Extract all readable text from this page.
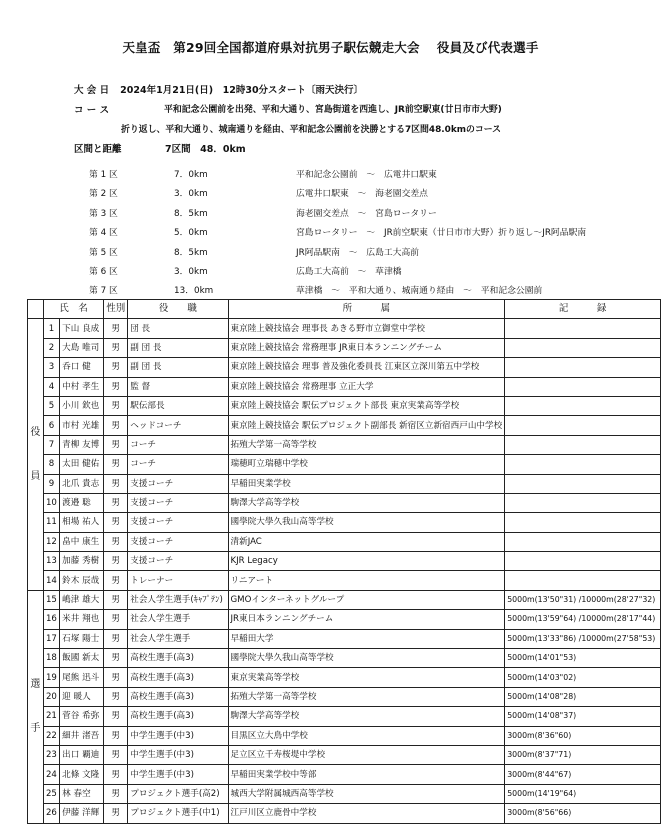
天皇盃　第29回全国都道府県対抗男子駅伝競走大会　 役員及び代表選手
大 会 日 2024年1月21日(日)　12時30分スタート〔雨天決行〕
コ ー ス	平和記念公園前を出発、平和大通り、宮島街道を西進し、JR前空駅東(廿日市市大野)
折り返し、平和大通り、城南通りを経由、平和記念公園前を決勝とする7区間48.0kmのコース
区間と距離	7区間　48．0km
第 1 区	7．0km	平和記念公園前　～　広電井口駅東
第 2 区	3．0km	広電井口駅東　～　海老園交差点
第 3 区	8．5km	海老園交差点　～　宮島ロータリー
第 4 区	5．0km	宮島ロータリー　～　JR前空駅東（廿日市市大野）折り返し～JR阿品駅南
第 5 区	8．5km	JR阿品駅南　～　広島工大高前
第 6 区	3．0km	広島工大高前　～　草津橋
第 7 区	13．0km	草津橋　～　平和大通り、城南通り経由　～　平和記念公園前
	氏　名		性別	役　　職	所　　　属	記　　　録

役
員	1	下山 良成	男	団 長	東京陸上競技協会 理事長 あきる野市立御堂中学校	
	2	大島 唯司	男	副 団 長	東京陸上競技協会 常務理事 JR東日本ランニングチーム	
	3	呑口 健	男	副 団 長	東京陸上競技協会 理事 普及強化委員長 江東区立深川第五中学校	
	4	中村 孝生	男	監 督	東京陸上競技協会 常務理事 立正大学	
	5	小川 欽也	男	駅伝部長	東京陸上競技協会 駅伝プロジェクト部長 東京実業高等学校	
	6	市村 光雄	男	ヘッドコーチ	東京陸上競技協会 駅伝プロジェクト副部長 新宿区立新宿西戸山中学校	
	7	青柳 友博	男	コーチ	拓殖大学第一高等学校	
	8	太田 健佑	男	コーチ	瑞穂町立瑞穂中学校	
	9	北爪 貴志	男	支援コーチ	早稲田実業学校	
	10	渡邉 聡	男	支援コーチ	駒澤大学高等学校	
	11	相場 祐人	男	支援コーチ	國學院大學久我山高等学校	
	12	畠中 康生	男	支援コーチ	清新JAC	
	13	加藤 秀樹	男	支援コーチ	KJR Legacy	
	14	鈴木 辰哉	男	トレーナー	リニアート	

選
手	15	嶋津 雄大	男	社会人学生選手(ｷｬﾌﾟﾃﾝ)	GMOインターネットグループ	5000m(13'50"31) /10000m(28'27"32)
	16	米井 翔也	男	社会人学生選手	JR東日本ランニングチーム	5000m(13'59"64) /10000m(28'17"44)
	17	石塚 陽士	男	社会人学生選手	早稲田大学	5000m(13'33"86) /10000m(27'58"53)
	18	飯國 新太	男	高校生選手(高3)	國學院大學久我山高等学校	5000m(14'01"53)
	19	尾熊 迅斗	男	高校生選手(高3)	東京実業高等学校	5000m(14'03"02)
	20	迎 暖人	男	高校生選手(高3)	拓殖大学第一高等学校	5000m(14'08"28)
	21	菅谷 希弥	男	高校生選手(高3)	駒澤大学高等学校	5000m(14'08"37)
	22	細井 渚吾	男	中学生選手(中3)	目黒区立大鳥中学校	3000m(8'36"60)
	23	出口 覇迪	男	中学生選手(中3)	足立区立千寿桜堤中学校	3000m(8'37"71)
	24	北條 文隆	男	中学生選手(中3)	早稲田実業学校中等部	3000m(8'44"67)
	25	林 春空	男	プロジェクト選手(高2)	城西大学附属城西高等学校	5000m(14'19"64)
	26	伊藤 洋輝	男	プロジェクト選手(中1)	江戸川区立鹿骨中学校	3000m(8'56"66)
